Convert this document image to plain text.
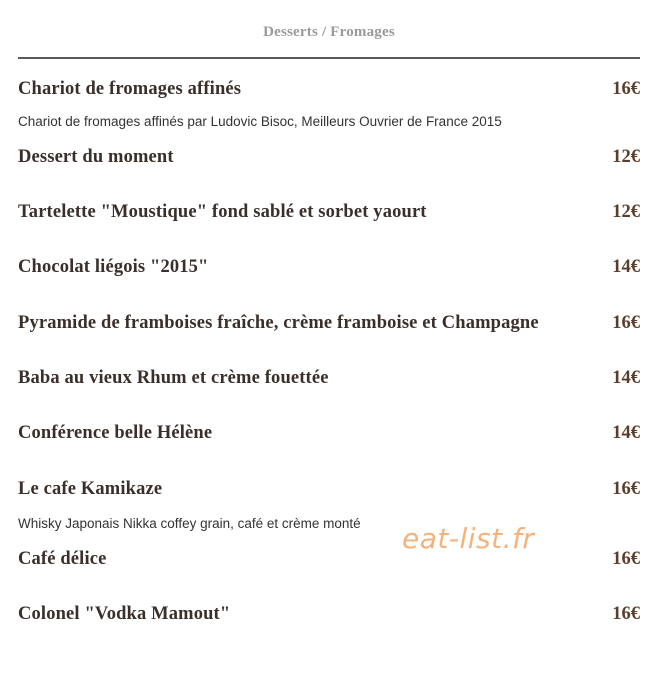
Desserts / Fromages
Chariot de fromages affinés	16€
Chariot de fromages affinés par Ludovic Bisoc, Meilleurs Ouvrier de France 2015
Dessert du moment	12€
Tartelette "Moustique" fond sablé et sorbet yaourt	12€
Chocolat liégois "2015"	14€
Pyramide de framboises fraîche, crème framboise et Champagne	16€
Baba au vieux Rhum et crème fouettée	14€
Conférence belle Hélène	14€
Le cafe Kamikaze	16€
Whisky Japonais Nikka coffey grain, café et crème monté
Café délice	16€
Colonel "Vodka Mamout"	16€
eat-list.fr
